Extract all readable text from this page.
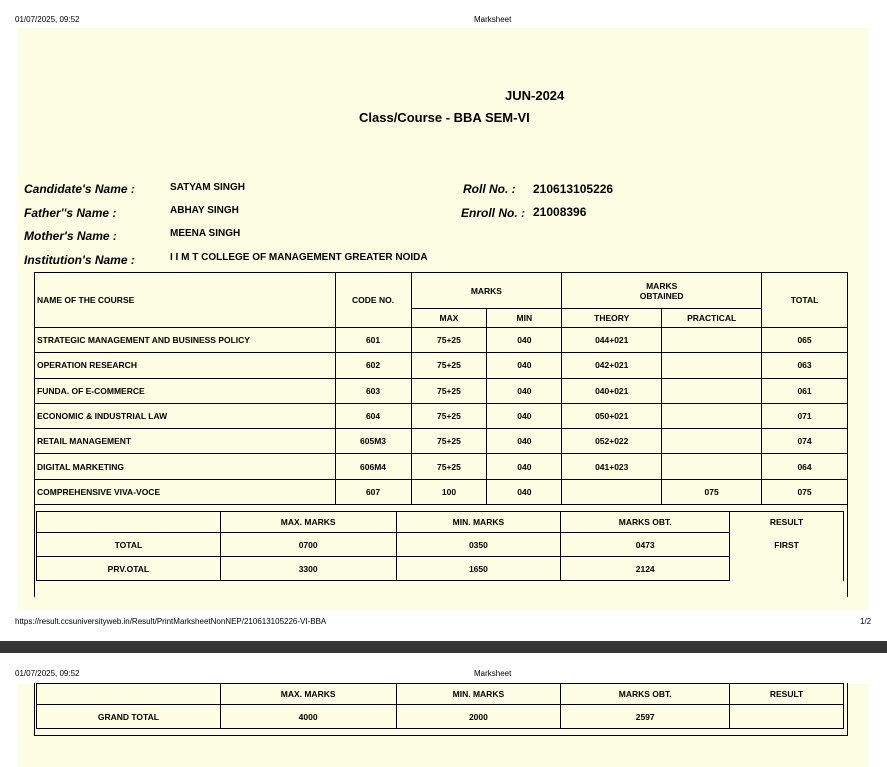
01/07/2025, 09:52	Marksheet
JUN-2024
Class/Course - BBA SEM-VI
Candidate's Name :	SATYAM SINGH
Father''s Name :	ABHAY SINGH
Mother's Name :	MEENA SINGH
Institution's Name :	I I M T COLLEGE OF MANAGEMENT GREATER NOIDA
Roll No. : 210613105226
Enroll No. : 21008396
NAME OF THE COURSE	CODE NO.	MARKS		MARKS OBTAINED		TOTAL
		MAX	MIN	THEORY	PRACTICAL	
STRATEGIC MANAGEMENT AND BUSINESS POLICY	601	75+25	040	044+021		065
OPERATION RESEARCH	602	75+25	040	042+021		063
FUNDA. OF E-COMMERCE	603	75+25	040	040+021		061
ECONOMIC & INDUSTRIAL LAW	604	75+25	040	050+021		071
RETAIL MANAGEMENT	605M3	75+25	040	052+022		074
DIGITAL MARKETING	606M4	75+25	040	041+023		064
COMPREHENSIVE VIVA-VOCE	607	100	040		075	075
	MAX. MARKS	MIN. MARKS	MARKS OBT.	RESULT
TOTAL	0700	0350	0473	FIRST
PRV.OTAL	3300	1650	2124	
https://result.ccsuniversityweb.in/Result/PrintMarksheetNonNEP/210613105226-VI-BBA	1/2
01/07/2025, 09:52	Marksheet
	MAX. MARKS	MIN. MARKS	MARKS OBT.	RESULT
GRAND TOTAL	4000	2000	2597	
